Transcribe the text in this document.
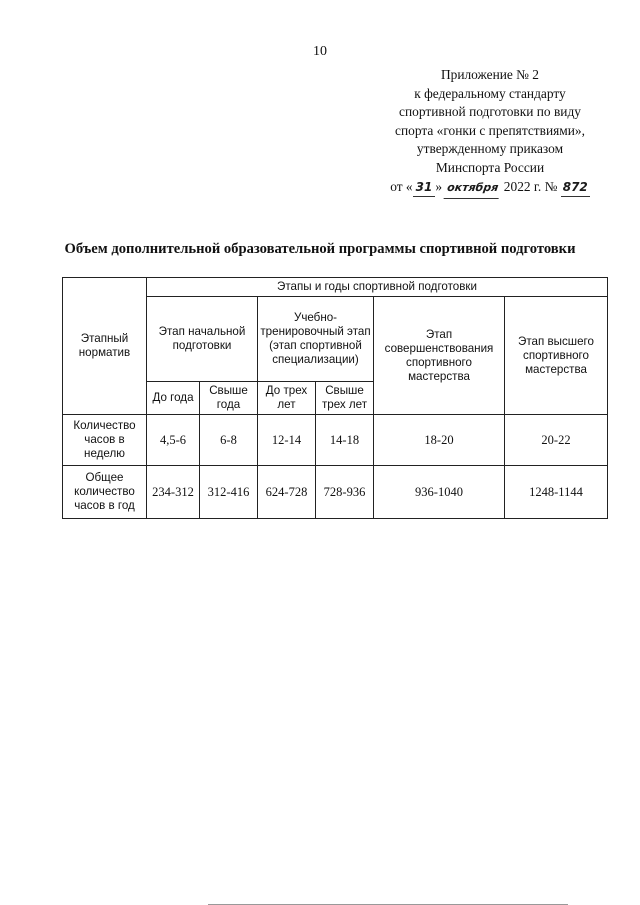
10
Приложение № 2
к федеральному стандарту
спортивной подготовки по виду
спорта «гонки с препятствиями»,
утвержденному приказом
Минспорта России
от « 31 » октября 2022 г. № 872
Объем дополнительной образовательной программы спортивной подготовки
Этапный норматив	Этапы и годы спортивной подготовки					
	Этап начальной подготовки		Учебно-тренировочный этап (этап спортивной специализации)		Этап совершенствования спортивного мастерства	Этап высшего спортивного мастерства
	До года	Свыше года	До трех лет	Свыше трех лет		
Количество часов в неделю	4,5-6	6-8	12-14	14-18	18-20	20-22
Общее количество часов в год	234-312	312-416	624-728	728-936	936-1040	1248-1144
